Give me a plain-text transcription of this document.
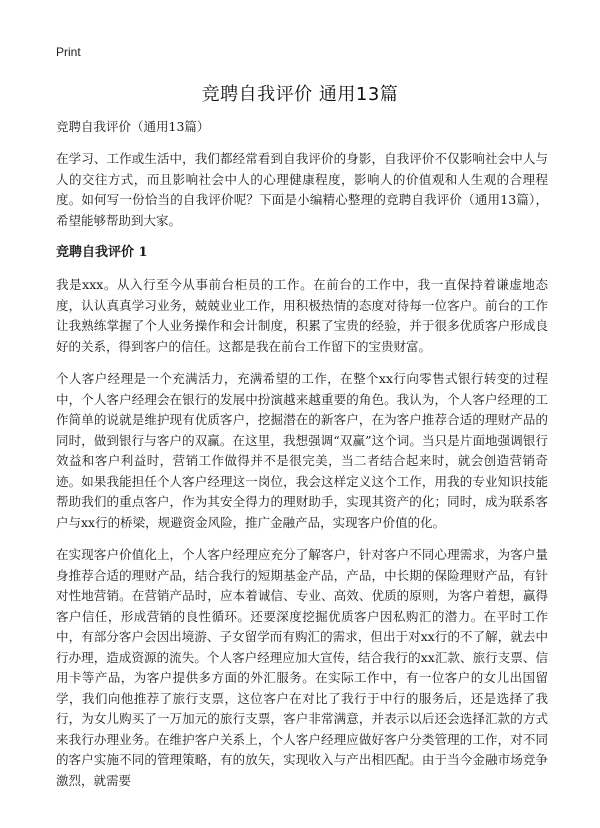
Print
竞聘自我评价 通用13篇

竞聘自我评价（通用13篇）

在学习、工作或生活中，我们都经常看到自我评价的身影，自我评价不仅影响社会中人与人的交往方式，而且影响社会中人的心理健康程度，影响人的价值观和人生观的合理程度。如何写一份恰当的自我评价呢？下面是小编精心整理的竞聘自我评价（通用13篇），希望能够帮助到大家。

竞聘自我评价 1

我是xxx。从入行至今从事前台柜员的工作。在前台的工作中，我一直保持着谦虚地态度，认认真真学习业务，兢兢业业工作，用积极热情的态度对待每一位客户。前台的工作让我熟练掌握了个人业务操作和会计制度，积累了宝贵的经验，并于很多优质客户形成良好的关系，得到客户的信任。这都是我在前台工作留下的宝贵财富。

个人客户经理是一个充满活力，充满希望的工作，在整个xx行向零售式银行转变的过程中，个人客户经理会在银行的发展中扮演越来越重要的角色。我认为，个人客户经理的工作简单的说就是维护现有优质客户，挖掘潜在的新客户，在为客户推荐合适的理财产品的同时，做到银行与客户的双赢。在这里，我想强调“双赢”这个词。当只是片面地强调银行效益和客户利益时，营销工作做得并不是很完美，当二者结合起来时，就会创造营销奇迹。如果我能担任个人客户经理这一岗位，我会这样定义这个工作，用我的专业知识技能帮助我们的重点客户，作为其安全得力的理财助手，实现其资产的化；同时，成为联系客户与xx行的桥梁，规避资金风险，推广金融产品，实现客户价值的化。

在实现客户价值化上，个人客户经理应充分了解客户，针对客户不同心理需求，为客户量身推荐合适的理财产品，结合我行的短期基金产品，产品，中长期的保险理财产品，有针对性地营销。在营销产品时，应本着诚信、专业、高效、优质的原则，为客户着想，赢得客户信任，形成营销的良性循环。还要深度挖掘优质客户因私购汇的潜力。在平时工作中，有部分客户会因出境游、子女留学而有购汇的需求，但出于对xx行的不了解，就去中行办理，造成资源的流失。个人客户经理应加大宣传，结合我行的xx汇款、旅行支票、信用卡等产品，为客户提供多方面的外汇服务。在实际工作中，有一位客户的女儿出国留学，我们向他推荐了旅行支票，这位客户在对比了我行于中行的服务后，还是选择了我行，为女儿购买了一万加元的旅行支票，客户非常满意，并表示以后还会选择汇款的方式来我行办理业务。在维护客户关系上，个人客户经理应做好客户分类管理的工作，对不同的客户实施不同的管理策略，有的放矢，实现收入与产出相匹配。由于当今金融市场竞争激烈，就需要
